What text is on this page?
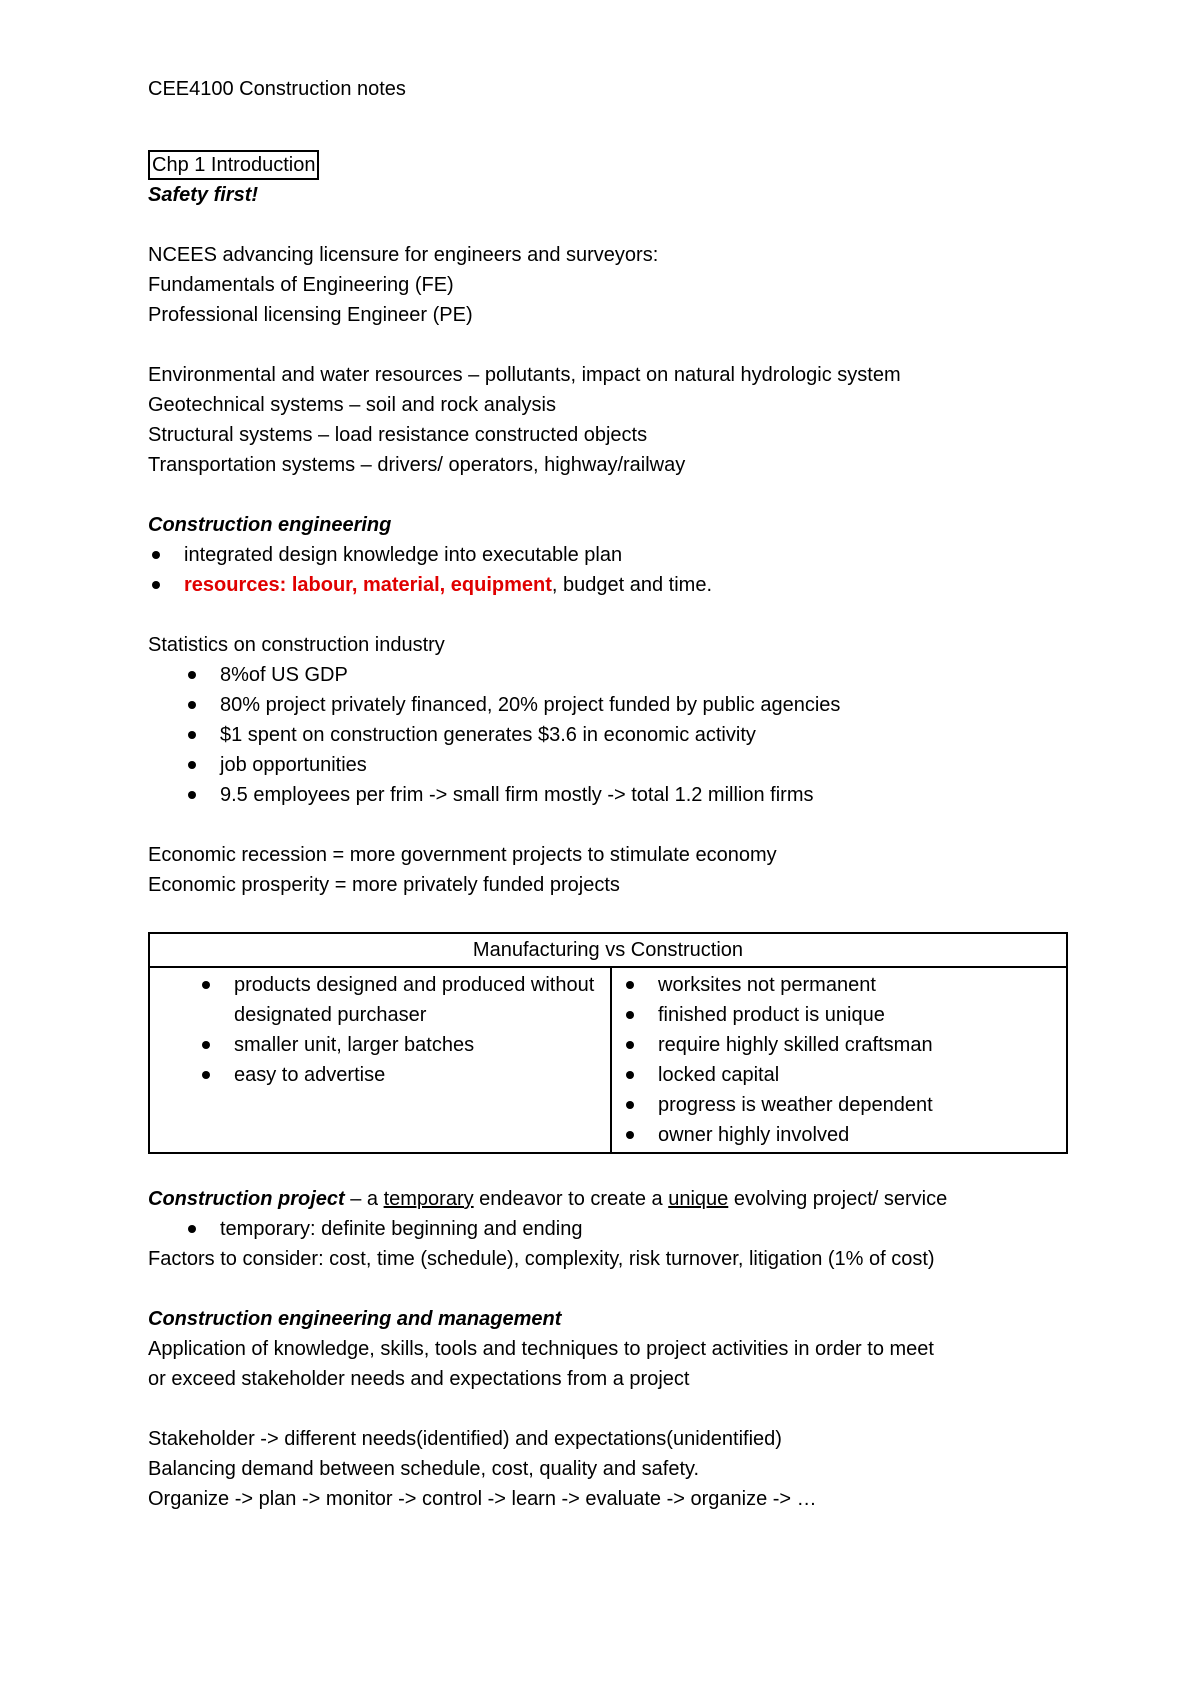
CEE4100 Construction notes
Chp 1 Introduction
Safety first!
NCEES advancing licensure for engineers and surveyors:
Fundamentals of Engineering (FE)
Professional licensing Engineer (PE)
Environmental and water resources – pollutants, impact on natural hydrologic system
Geotechnical systems – soil and rock analysis
Structural systems – load resistance constructed objects
Transportation systems – drivers/ operators, highway/railway
Construction engineering
integrated design knowledge into executable plan
resources: labour, material, equipment, budget and time.
Statistics on construction industry
8%of US GDP
80% project privately financed, 20% project funded by public agencies
$1 spent on construction generates $3.6 in economic activity
job opportunities
9.5 employees per frim -> small firm mostly -> total 1.2 million firms
Economic recession = more government projects to stimulate economy
Economic prosperity = more privately funded projects
Manufacturing vs Construction

products designed and produced without designated purchaser
smaller unit, larger batches
easy to advertise

worksites not permanent
finished product is unique
require highly skilled craftsman
locked capital
progress is weather dependent
owner highly involved
Construction project – a temporary endeavor to create a unique evolving project/ service
temporary: definite beginning and ending
Factors to consider: cost, time (schedule), complexity, risk turnover, litigation (1% of cost)
Construction engineering and management
Application of knowledge, skills, tools and techniques to project activities in order to meet
or exceed stakeholder needs and expectations from a project
Stakeholder -> different needs(identified) and expectations(unidentified)
Balancing demand between schedule, cost, quality and safety.
Organize -> plan -> monitor -> control -> learn -> evaluate -> organize -> …
